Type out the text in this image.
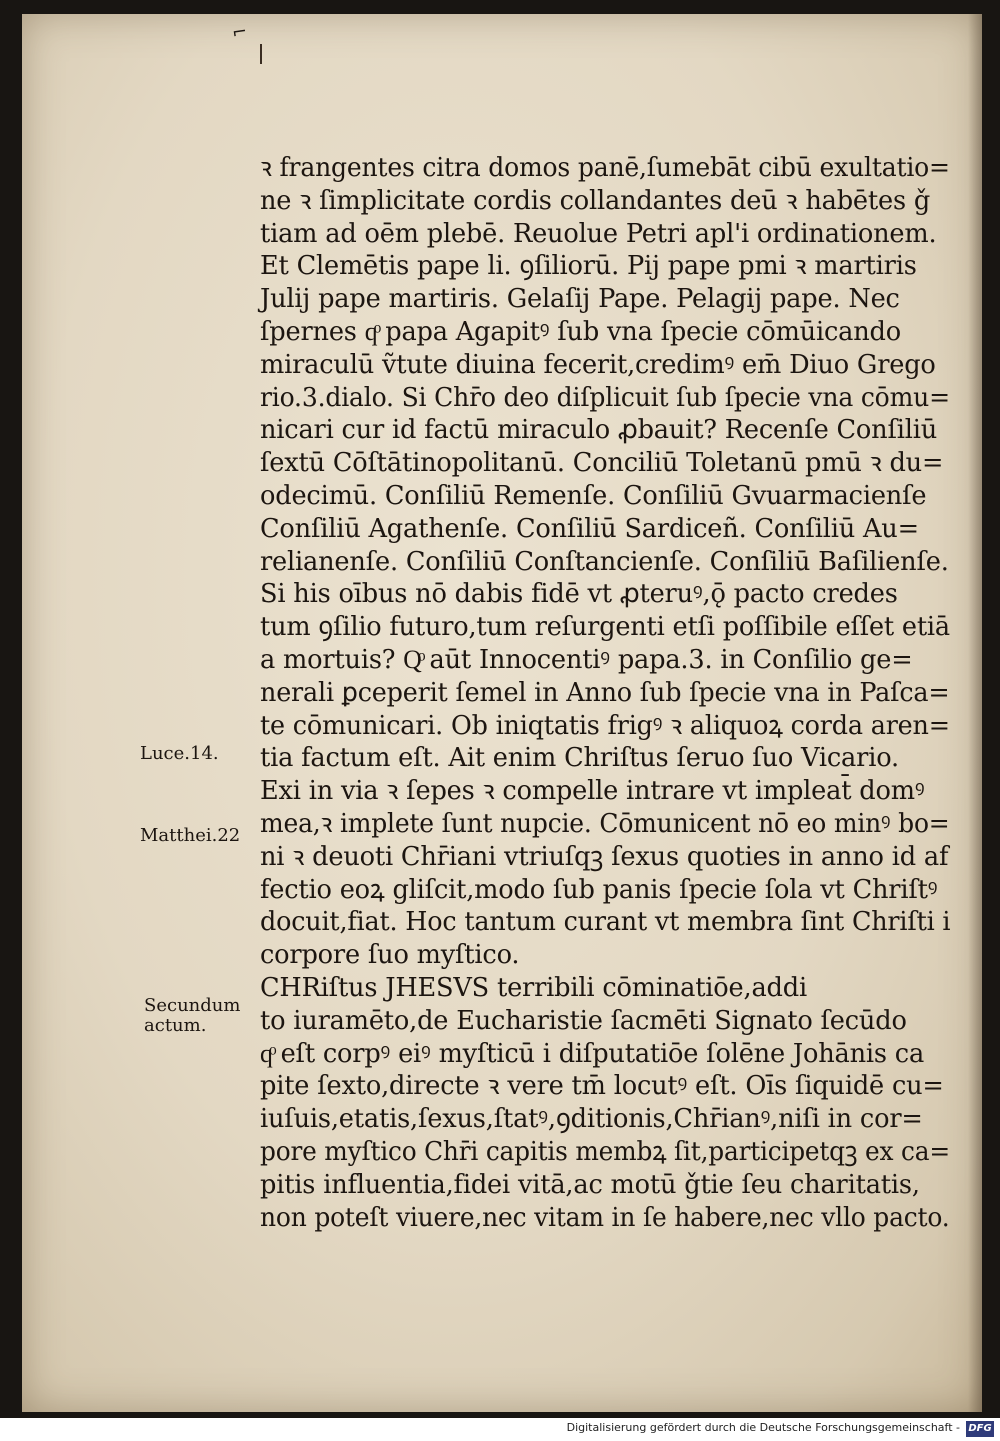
⌐
ꝛ frangentes citra domos panē,ſumebāt cibū exultatio=
ne ꝛ ſimplicitate cordis collandantes deū ꝛ habētes ǧ
tiam ad oēm plebē. Reuolue Petri apl'i ordinationem.
Et Clemētis pape li. ꝯſiliorū. Pij pape pmi ꝛ martiris
Julij pape martiris. Gelaſij Pape. Pelagij pape. Nec
ſpernes qͦ papa Agapitꝰ ſub vna ſpecie cōmūicando
miraculū ṽtute diuina fecerit,credimꝰ em̄ Diuo Grego
rio.3.dialo. Si Chr̄o deo diſplicuit ſub ſpecie vna cōmu=
nicari cur id factū miraculo ꝓbauit? Recenſe Conſiliū
ſextū Cōſtātinopolitanū. Conciliū Toletanū pmū ꝛ du=
odecimū. Conſiliū Remenſe. Conſiliū Gvuarmacienſe
Conſiliū Agathenſe. Conſiliū Sardiceñ. Conſiliū Au=
relianenſe. Conſiliū Conſtancienſe. Conſiliū Baſilienſe.
Si his oībus nō dabis fidē vt ꝓteruꝰ,ǭ pacto credes
tum ꝯſilio futuro,tum reſurgenti etſi poſſibile eſſet etiā
a mortuis? Qͦ aūt Innocentiꝰ papa.3. in Conſilio ge=
nerali ꝑceperit ſemel in Anno ſub ſpecie vna in Paſca=
te cōmunicari. Ob iniqtatis frigꝰ ꝛ aliquoꝝ corda aren=
tia factum eſt. Ait enim Chriſtus ſeruo ſuo Vicario.
Exi in via ꝛ ſepes ꝛ compelle intrare vt impleat̄ domꝰ
mea,ꝛ implete ſunt nupcie. Cōmunicent nō eo minꝰ bo=
ni ꝛ deuoti Chr̄iani vtriuſqꝫ ſexus quoties in anno id af
fectio eoꝝ gliſcit,modo ſub panis ſpecie ſola vt Chriſtꝰ
docuit,fiat. Hoc tantum curant vt membra ſint Chriſti i
corpore ſuo myſtico.
CHRiſtus JHESVS terribili cōminatiōe,addi
to iuramēto,de Eucharistie ſacmēti Signato ſecūdo
qͦ eſt corpꝰ eiꝰ myſticū i diſputatiōe ſolēne Johānis ca
pite ſexto,directe ꝛ vere tm̄ locutꝰ eſt. Oīs ſiquidē cu=
iuſuis,etatis,ſexus,ſtatꝰ,ꝯditionis,Chr̄ianꝰ,niſi in cor=
pore myſtico Chr̄i capitis membꝝ ſit,participetqꝫ ex ca=
pitis influentia,fidei vitā,ac motū ǧtie ſeu charitatis,
non poteſt viuere,nec vitam in ſe habere,nec vllo pacto.
Luce.14.
Matthei.22
Secundum
actum.
Digitalisierung gefördert durch die Deutsche Forschungsgemeinschaft - DFG
